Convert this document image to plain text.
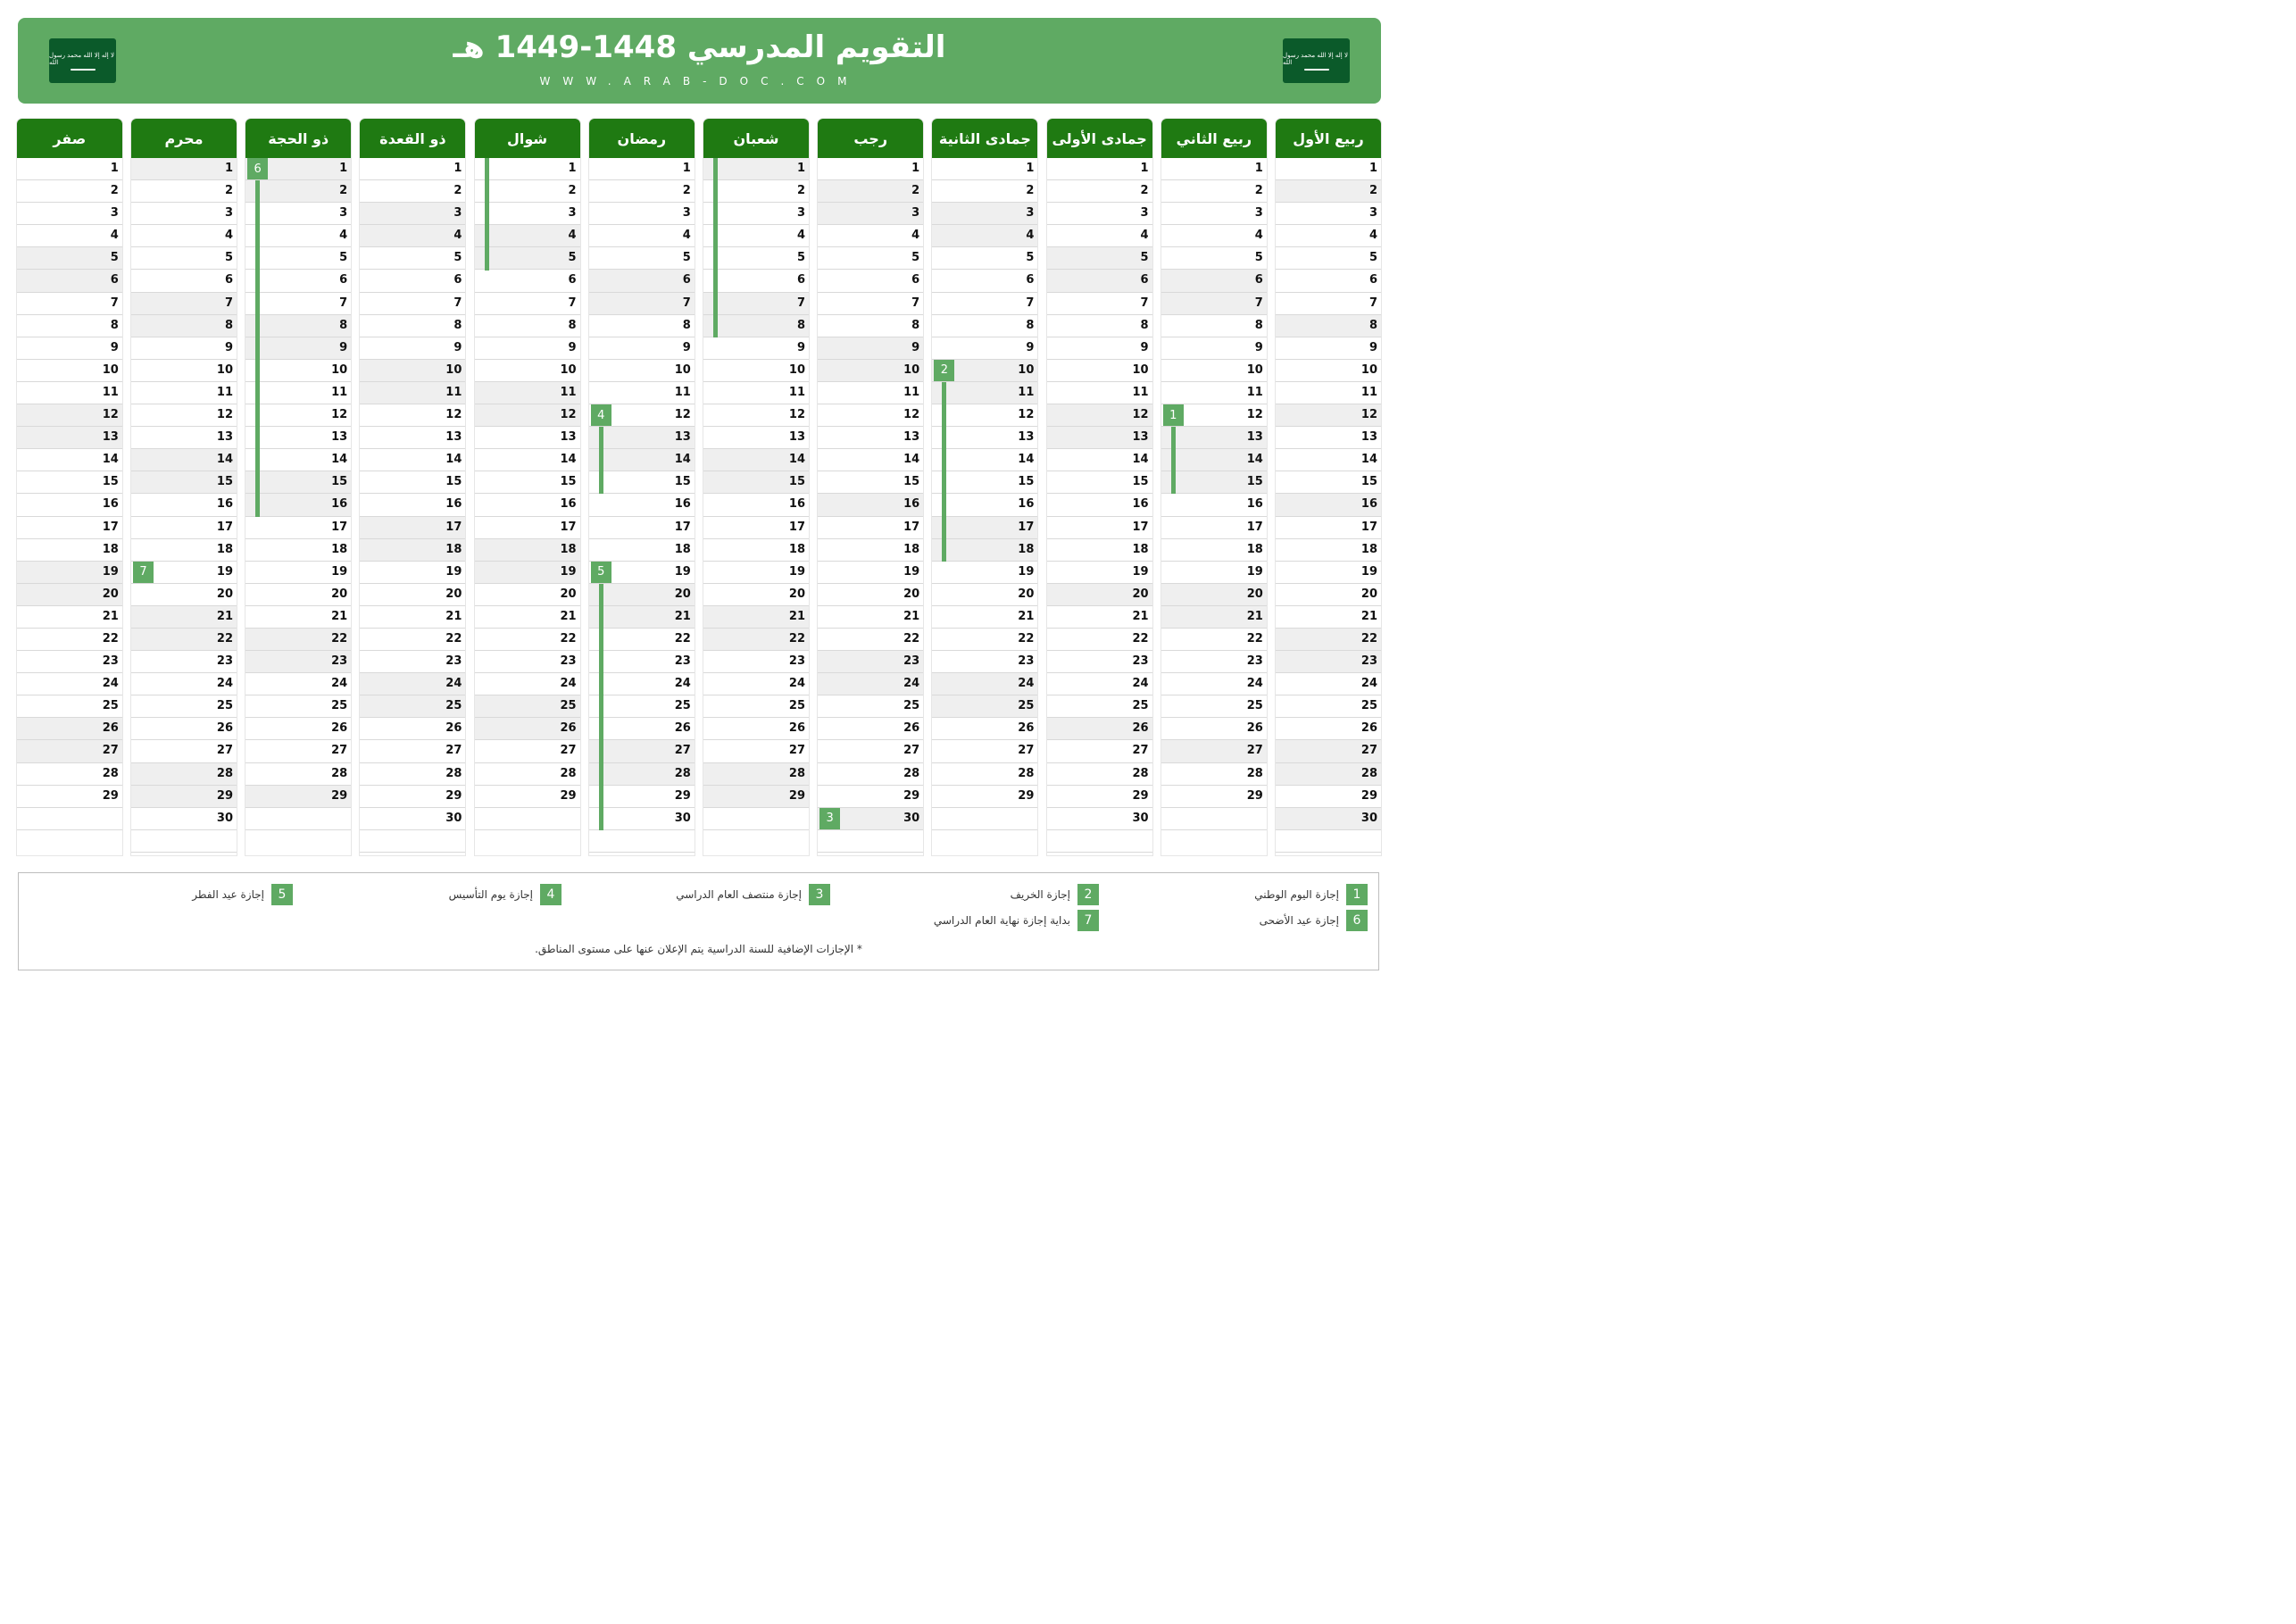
لا إله إلا الله محمد رسول الله	التقويم المدرسي 1448-1449 هـ
WWW.ARAB-DOC.COM
لا إله إلا الله محمد رسول الله
ربيع الأول
1
2
3
4
5
6
7
8
9
10
11
12
13
14
15
16
17
18
19
20
21
22
23
24
25
26
27
28
29
30
ربيع الثاني
1
2
3
4
5
6
7
8
9
10
11
12
13
14
15
16
17
18
19
20
21
22
23
24
25
26
27
28
29
1
جمادى الأولى
1
2
3
4
5
6
7
8
9
10
11
12
13
14
15
16
17
18
19
20
21
22
23
24
25
26
27
28
29
30
جمادى الثانية
1
2
3
4
5
6
7
8
9
10
11
12
13
14
15
16
17
18
19
20
21
22
23
24
25
26
27
28
29
2
رجب
1
2
3
4
5
6
7
8
9
10
11
12
13
14
15
16
17
18
19
20
21
22
23
24
25
26
27
28
29
30
3
شعبان
1
2
3
4
5
6
7
8
9
10
11
12
13
14
15
16
17
18
19
20
21
22
23
24
25
26
27
28
29
رمضان
1
2
3
4
5
6
7
8
9
10
11
12
13
14
15
16
17
18
19
20
21
22
23
24
25
26
27
28
29
30
4
5
شوال
1
2
3
4
5
6
7
8
9
10
11
12
13
14
15
16
17
18
19
20
21
22
23
24
25
26
27
28
29
ذو القعدة
1
2
3
4
5
6
7
8
9
10
11
12
13
14
15
16
17
18
19
20
21
22
23
24
25
26
27
28
29
30
ذو الحجة
1
2
3
4
5
6
7
8
9
10
11
12
13
14
15
16
17
18
19
20
21
22
23
24
25
26
27
28
29
6
محرم
1
2
3
4
5
6
7
8
9
10
11
12
13
14
15
16
17
18
19
20
21
22
23
24
25
26
27
28
29
30
7
صفر
1
2
3
4
5
6
7
8
9
10
11
12
13
14
15
16
17
18
19
20
21
22
23
24
25
26
27
28
29
1
إجازة اليوم الوطني
2
إجازة الخريف
3
إجازة منتصف العام الدراسي
4
إجازة يوم التأسيس
5
إجازة عيد الفطر
6
إجازة عيد الأضحى
7
بداية إجازة نهاية العام الدراسي
* الإجازات الإضافية للسنة الدراسية يتم الإعلان عنها على مستوى المناطق.
